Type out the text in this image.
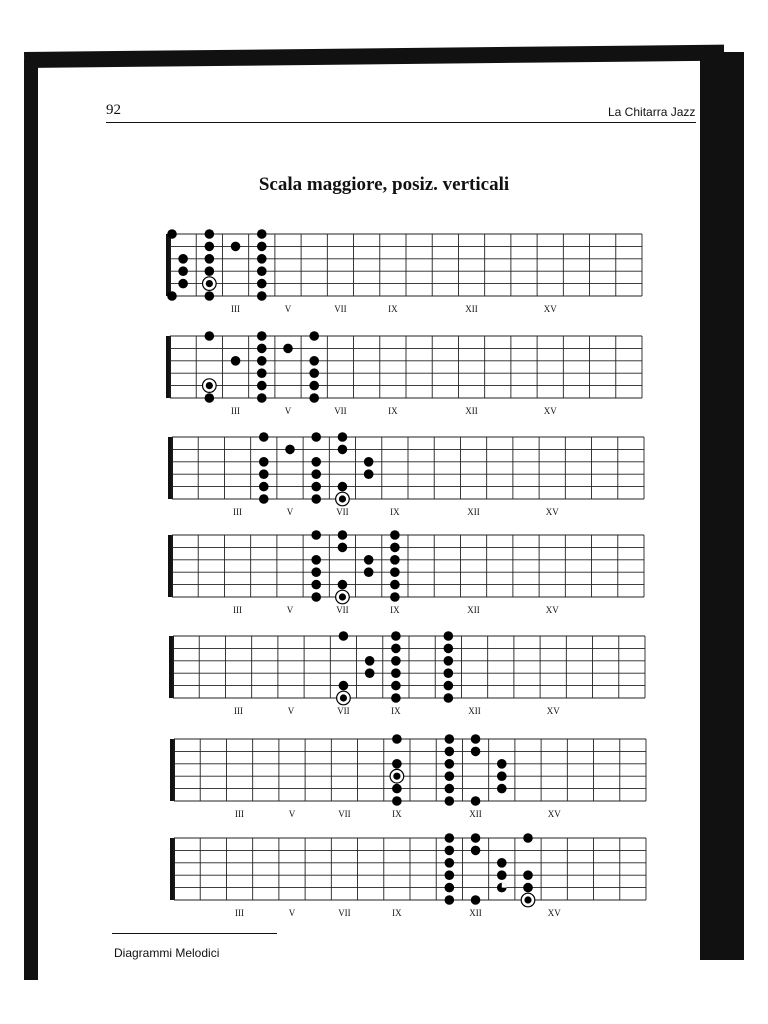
92	La Chitarra Jazz
Scala maggiore, posiz. verticali
III	V	VII	IX	XII	XV
III	V	VII	IX	XII	XV
III	V	VII	IX	XII	XV
III	V	VII	IX	XII	XV
III	V	VII	IX	XII	XV
III	V	VII	IX	XII	XV
III	V	VII	IX	XII	XV
Diagrammi Melodici
